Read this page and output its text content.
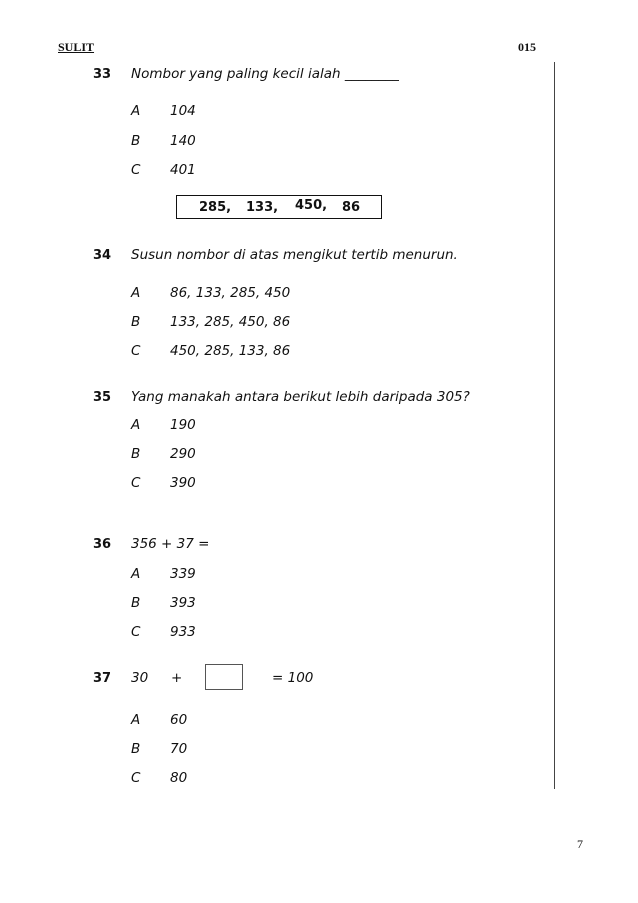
SULIT	015
33 Nombor yang paling kecil ialah ________
A 104
B 140
C 401
285, 133, 450, 86
34 Susun nombor di atas mengikut tertib menurun.
A 86, 133, 285, 450
B 133, 285, 450, 86
C 450, 285, 133, 86
35 Yang manakah antara berikut lebih daripada 305?
A 190
B 290
C 390
36 356 + 37 =
A 339
B 393
C 933
37 30 +	= 100
A 60
B 70
C 80
7
